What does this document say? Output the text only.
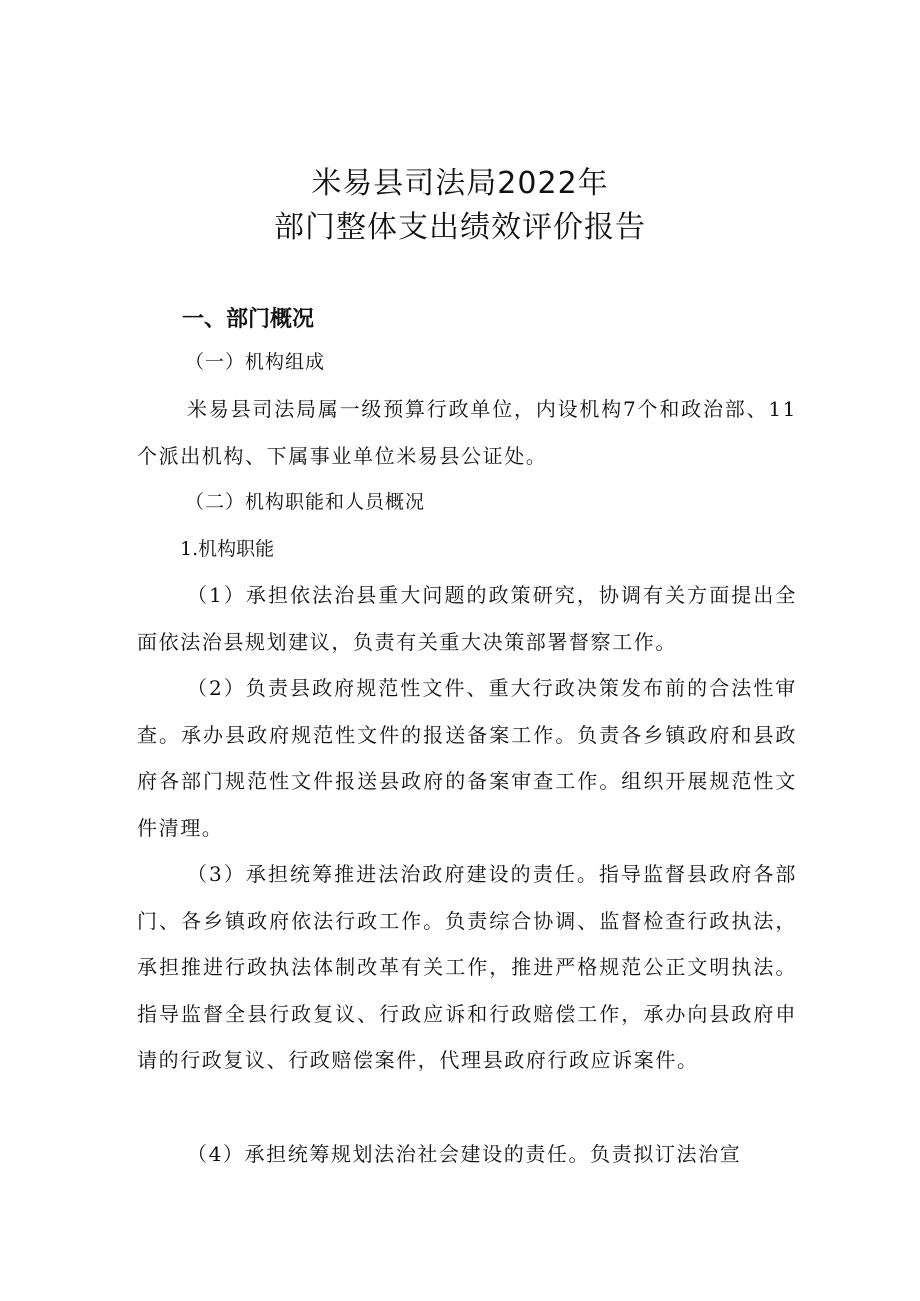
米易县司法局2022年
部门整体支出绩效评价报告
一、部门概况
（一）机构组成
米易县司法局属一级预算行政单位，内设机构7个和政治部、11个派出机构、下属事业单位米易县公证处。
（二）机构职能和人员概况
1.机构职能
（1）承担依法治县重大问题的政策研究，协调有关方面提出全面依法治县规划建议，负责有关重大决策部署督察工作。
（2）负责县政府规范性文件、重大行政决策发布前的合法性审查。承办县政府规范性文件的报送备案工作。负责各乡镇政府和县政府各部门规范性文件报送县政府的备案审查工作。组织开展规范性文件清理。
（3）承担统筹推进法治政府建设的责任。指导监督县政府各部门、各乡镇政府依法行政工作。负责综合协调、监督检查行政执法，承担推进行政执法体制改革有关工作，推进严格规范公正文明执法。指导监督全县行政复议、行政应诉和行政赔偿工作，承办向县政府申请的行政复议、行政赔偿案件，代理县政府行政应诉案件。
（4）承担统筹规划法治社会建设的责任。负责拟订法治宣
